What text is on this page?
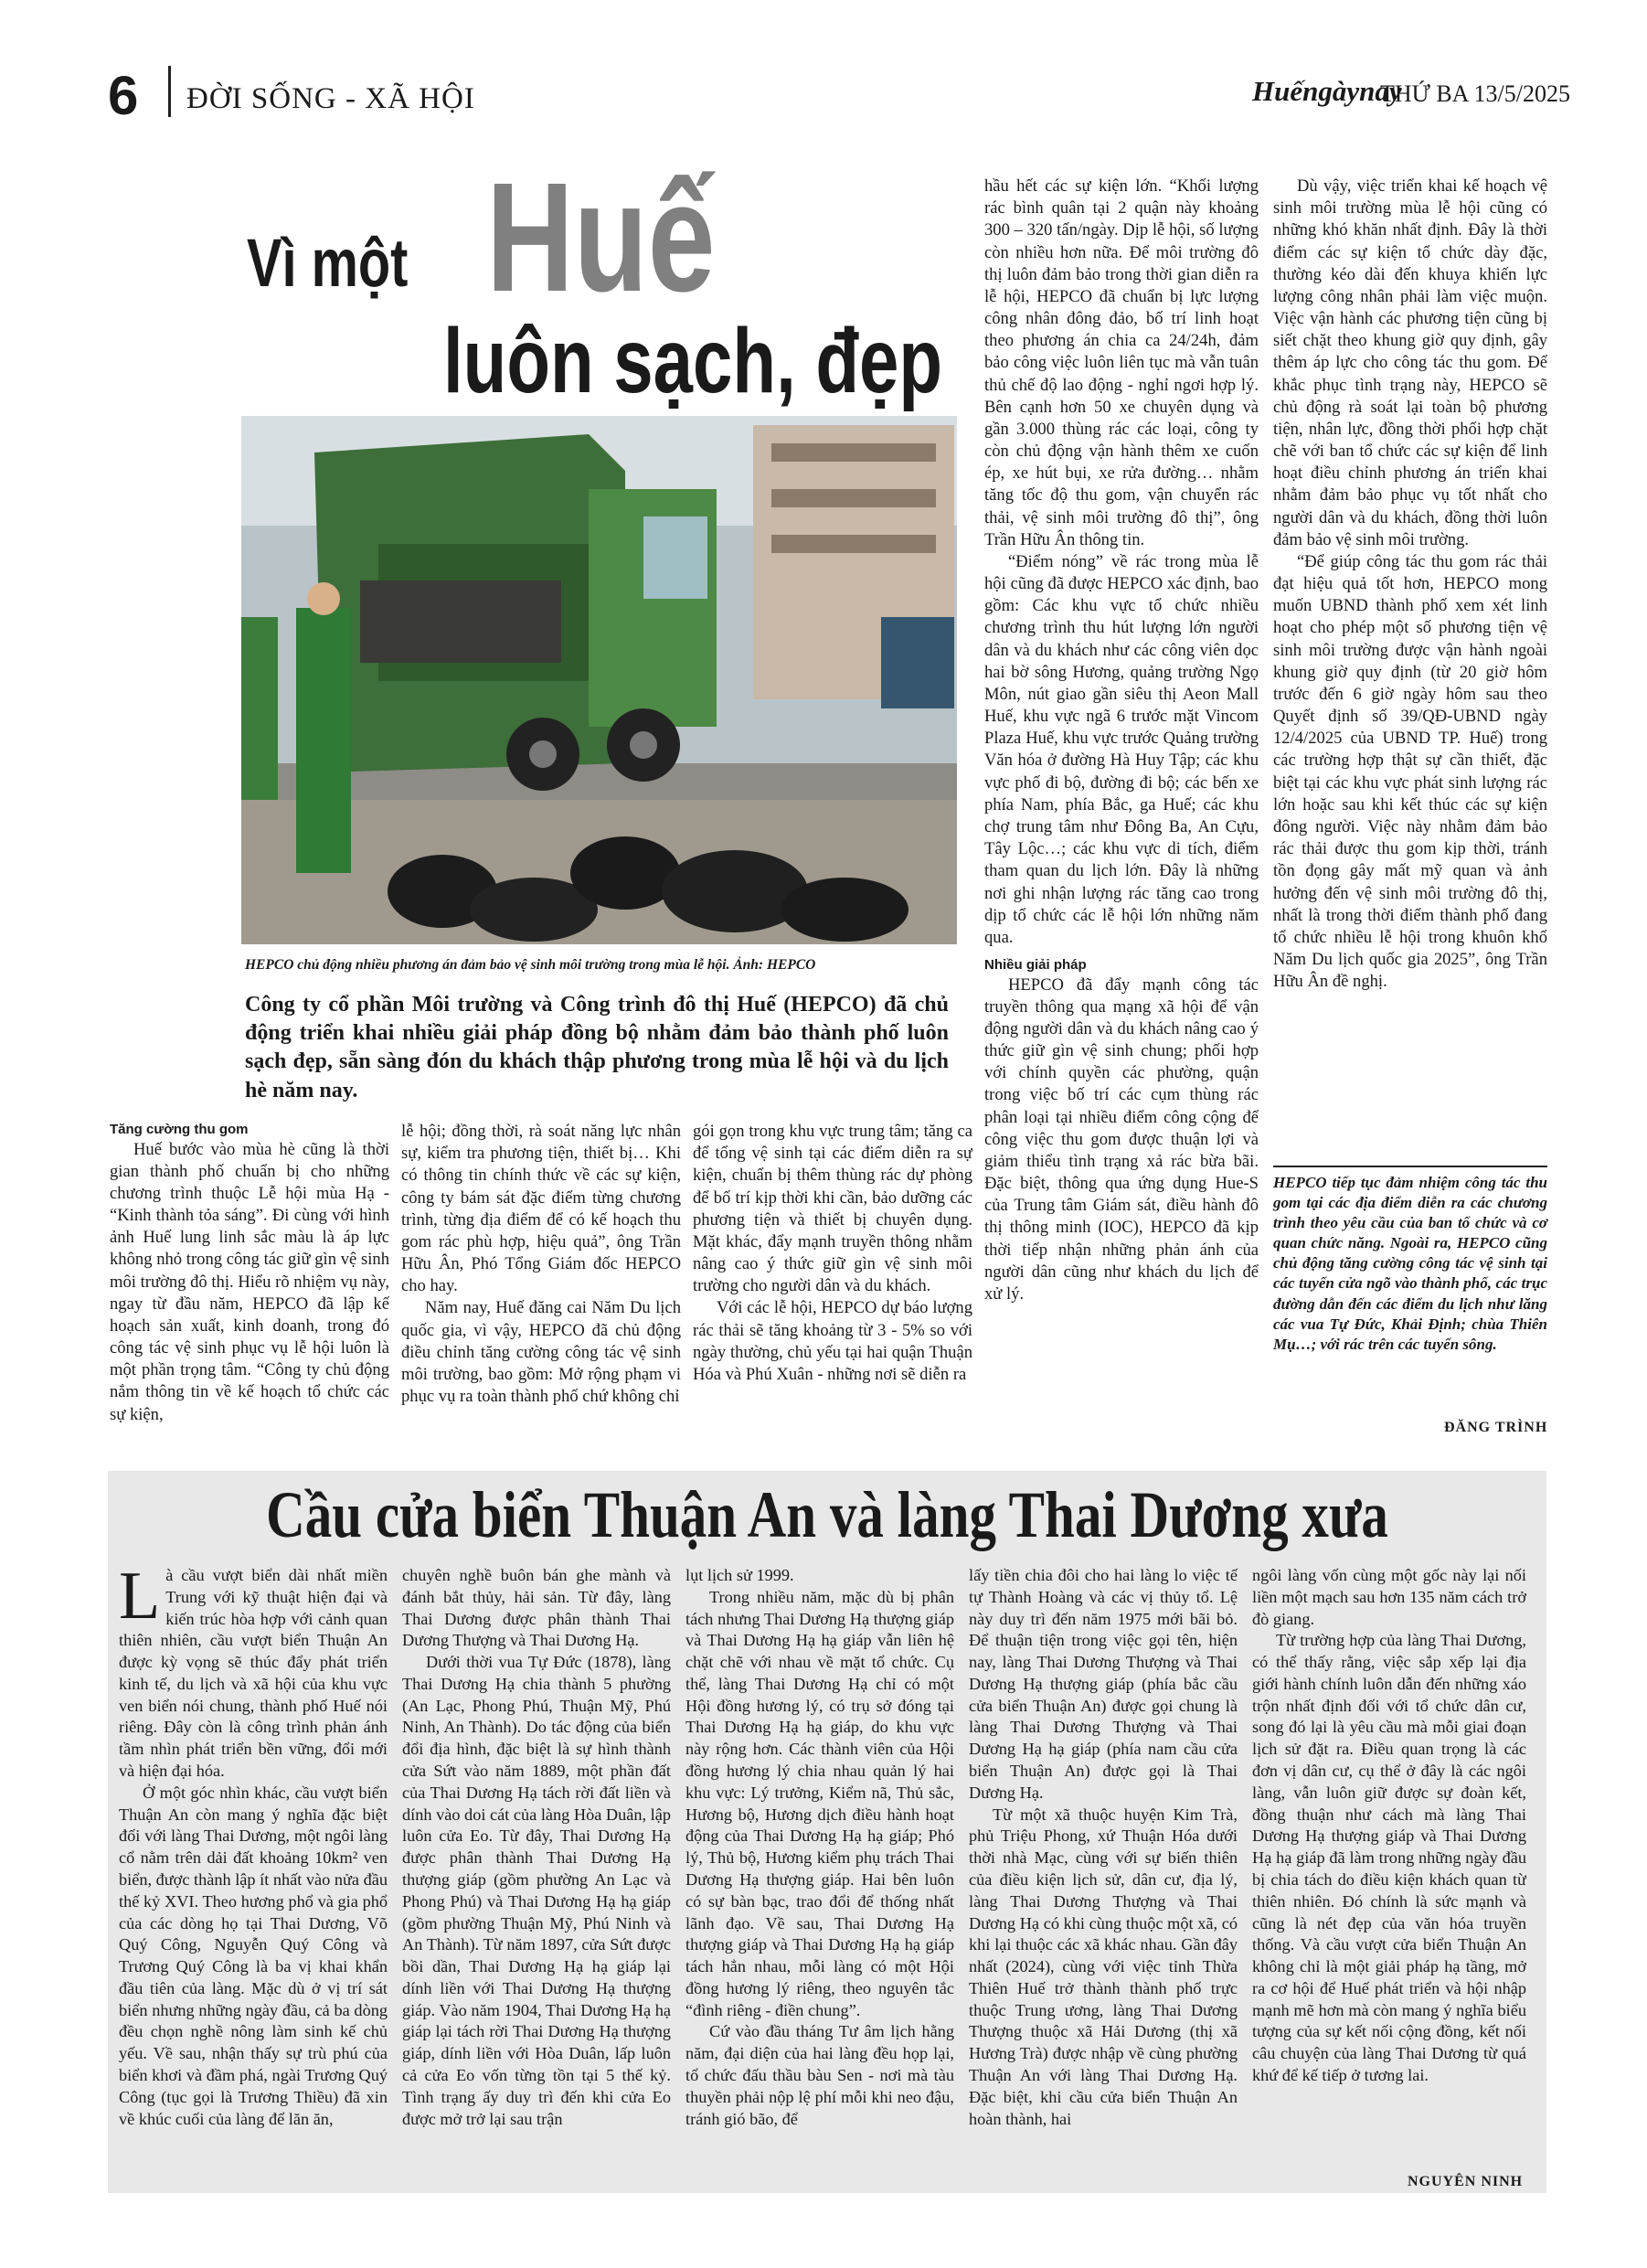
6 ĐỜI SỐNG - XÃ HỘI	Huếngàynay
THỨ BA 13/5/2025
Vì một Huế
luôn sạch, đẹp
HEPCO chủ động nhiều phương án đảm bảo vệ sinh môi trường trong mùa lễ hội. Ảnh: HEPCO
Công ty cổ phần Môi trường và Công trình đô thị Huế (HEPCO) đã chủ động triển khai nhiều giải pháp đồng bộ nhằm đảm bảo thành phố luôn sạch đẹp, sẵn sàng đón du khách thập phương trong mùa lễ hội và du lịch hè năm nay.

Tăng cường thu gom

Huế bước vào mùa hè cũng là thời gian thành phố chuẩn bị cho những chương trình thuộc Lễ hội mùa Hạ - “Kinh thành tỏa sáng”. Đi cùng với hình ảnh Huế lung linh sắc màu là áp lực không nhỏ trong công tác giữ gìn vệ sinh môi trường đô thị. Hiểu rõ nhiệm vụ này, ngay từ đầu năm, HEPCO đã lập kế hoạch sản xuất, kinh doanh, trong đó công tác vệ sinh phục vụ lễ hội luôn là một phần trọng tâm. “Công ty chủ động nắm thông tin về kế hoạch tổ chức các sự kiện,

lễ hội; đồng thời, rà soát năng lực nhân sự, kiểm tra phương tiện, thiết bị… Khi có thông tin chính thức về các sự kiện, công ty bám sát đặc điểm từng chương trình, từng địa điểm để có kế hoạch thu gom rác phù hợp, hiệu quả”, ông Trần Hữu Ân, Phó Tổng Giám đốc HEPCO cho hay.

Năm nay, Huế đăng cai Năm Du lịch quốc gia, vì vậy, HEPCO đã chủ động điều chỉnh tăng cường công tác vệ sinh môi trường, bao gồm: Mở rộng phạm vi phục vụ ra toàn thành phố chứ không chỉ

gói gọn trong khu vực trung tâm; tăng ca để tổng vệ sinh tại các điểm diễn ra sự kiện, chuẩn bị thêm thùng rác dự phòng để bố trí kịp thời khi cần, bảo dưỡng các phương tiện và thiết bị chuyên dụng. Mặt khác, đẩy mạnh truyền thông nhằm nâng cao ý thức giữ gìn vệ sinh môi trường cho người dân và du khách.

Với các lễ hội, HEPCO dự báo lượng rác thải sẽ tăng khoảng từ 3 - 5% so với ngày thường, chủ yếu tại hai quận Thuận Hóa và Phú Xuân - những nơi sẽ diễn ra

hầu hết các sự kiện lớn. “Khối lượng rác bình quân tại 2 quận này khoảng 300 – 320 tấn/ngày. Dịp lễ hội, số lượng còn nhiều hơn nữa. Để môi trường đô thị luôn đảm bảo trong thời gian diễn ra lễ hội, HEPCO đã chuẩn bị lực lượng công nhân đông đảo, bố trí linh hoạt theo phương án chia ca 24/24h, đảm bảo công việc luôn liên tục mà vẫn tuân thủ chế độ lao động - nghỉ ngơi hợp lý. Bên cạnh hơn 50 xe chuyên dụng và gần 3.000 thùng rác các loại, công ty còn chủ động vận hành thêm xe cuốn ép, xe hút bụi, xe rửa đường… nhằm tăng tốc độ thu gom, vận chuyển rác thải, vệ sinh môi trường đô thị”, ông Trần Hữu Ân thông tin.

“Điểm nóng” về rác trong mùa lễ hội cũng đã được HEPCO xác định, bao gồm: Các khu vực tổ chức nhiều chương trình thu hút lượng lớn người dân và du khách như các công viên dọc hai bờ sông Hương, quảng trường Ngọ Môn, nút giao gần siêu thị Aeon Mall Huế, khu vực ngã 6 trước mặt Vincom Plaza Huế, khu vực trước Quảng trường Văn hóa ở đường Hà Huy Tập; các khu vực phố đi bộ, đường đi bộ; các bến xe phía Nam, phía Bắc, ga Huế; các khu chợ trung tâm như Đông Ba, An Cựu, Tây Lộc…; các khu vực di tích, điểm tham quan du lịch lớn. Đây là những nơi ghi nhận lượng rác tăng cao trong dịp tổ chức các lễ hội lớn những năm qua.

Nhiều giải pháp

HEPCO đã đẩy mạnh công tác truyền thông qua mạng xã hội để vận động người dân và du khách nâng cao ý thức giữ gìn vệ sinh chung; phối hợp với chính quyền các phường, quận trong việc bố trí các cụm thùng rác phân loại tại nhiều điểm công cộng để công việc thu gom được thuận lợi và giảm thiểu tình trạng xả rác bừa bãi. Đặc biệt, thông qua ứng dụng Hue-S của Trung tâm Giám sát, điều hành đô thị thông minh (IOC), HEPCO đã kịp thời tiếp nhận những phản ánh của người dân cũng như khách du lịch để xử lý.

Dù vậy, việc triển khai kế hoạch vệ sinh môi trường mùa lễ hội cũng có những khó khăn nhất định. Đây là thời điểm các sự kiện tổ chức dày đặc, thường kéo dài đến khuya khiến lực lượng công nhân phải làm việc muộn. Việc vận hành các phương tiện cũng bị siết chặt theo khung giờ quy định, gây thêm áp lực cho công tác thu gom. Để khắc phục tình trạng này, HEPCO sẽ chủ động rà soát lại toàn bộ phương tiện, nhân lực, đồng thời phối hợp chặt chẽ với ban tổ chức các sự kiện để linh hoạt điều chỉnh phương án triển khai nhằm đảm bảo phục vụ tốt nhất cho người dân và du khách, đồng thời luôn đảm bảo vệ sinh môi trường.

“Để giúp công tác thu gom rác thải đạt hiệu quả tốt hơn, HEPCO mong muốn UBND thành phố xem xét linh hoạt cho phép một số phương tiện vệ sinh môi trường được vận hành ngoài khung giờ quy định (từ 20 giờ hôm trước đến 6 giờ ngày hôm sau theo Quyết định số 39/QĐ-UBND ngày 12/4/2025 của UBND TP. Huế) trong các trường hợp thật sự cần thiết, đặc biệt tại các khu vực phát sinh lượng rác lớn hoặc sau khi kết thúc các sự kiện đông người. Việc này nhằm đảm bảo rác thải được thu gom kịp thời, tránh tồn đọng gây mất mỹ quan và ảnh hưởng đến vệ sinh môi trường đô thị, nhất là trong thời điểm thành phố đang tổ chức nhiều lễ hội trong khuôn khổ Năm Du lịch quốc gia 2025”, ông Trần Hữu Ân đề nghị.

HEPCO tiếp tục đảm nhiệm công tác thu gom tại các địa điểm diễn ra các chương trình theo yêu cầu của ban tổ chức và cơ quan chức năng. Ngoài ra, HEPCO cũng chủ động tăng cường công tác vệ sinh tại các tuyến cửa ngõ vào thành phố, các trục đường dẫn đến các điểm du lịch như lăng các vua Tự Đức, Khải Định; chùa Thiên Mụ…; với rác trên các tuyến sông.
ĐĂNG TRÌNH
Cầu cửa biển Thuận An và làng Thai Dương xưa

Là cầu vượt biển dài nhất miền Trung với kỹ thuật hiện đại và kiến trúc hòa hợp với cảnh quan thiên nhiên, cầu vượt biển Thuận An được kỳ vọng sẽ thúc đẩy phát triển kinh tế, du lịch và xã hội của khu vực ven biển nói chung, thành phố Huế nói riêng. Đây còn là công trình phản ánh tầm nhìn phát triển bền vững, đổi mới và hiện đại hóa.

Ở một góc nhìn khác, cầu vượt biển Thuận An còn mang ý nghĩa đặc biệt đối với làng Thai Dương, một ngôi làng cổ nằm trên dải đất khoảng 10km² ven biển, được thành lập ít nhất vào nửa đầu thế kỷ XVI. Theo hương phổ và gia phổ của các dòng họ tại Thai Dương, Võ Quý Công, Nguyễn Quý Công và Trương Quý Công là ba vị khai khẩn đầu tiên của làng. Mặc dù ở vị trí sát biển nhưng những ngày đầu, cả ba dòng đều chọn nghề nông làm sinh kế chủ yếu. Về sau, nhận thấy sự trù phú của biển khơi và đầm phá, ngài Trương Quý Công (tục gọi là Trương Thiều) đã xin về khúc cuối của làng để lăn ăn,

chuyên nghề buôn bán ghe mành và đánh bắt thủy, hải sản. Từ đây, làng Thai Dương được phân thành Thai Dương Thượng và Thai Dương Hạ.

Dưới thời vua Tự Đức (1878), làng Thai Dương Hạ chia thành 5 phường (An Lạc, Phong Phú, Thuận Mỹ, Phú Ninh, An Thành). Do tác động của biển đổi địa hình, đặc biệt là sự hình thành cửa Sứt vào năm 1889, một phần đất của Thai Dương Hạ tách rời đất liền và dính vào doi cát của làng Hòa Duân, lập luôn cửa Eo. Từ đây, Thai Dương Hạ được phân thành Thai Dương Hạ thượng giáp (gồm phường An Lạc và Phong Phú) và Thai Dương Hạ hạ giáp (gồm phường Thuận Mỹ, Phú Ninh và An Thành). Từ năm 1897, cửa Sứt được bồi dần, Thai Dương Hạ hạ giáp lại dính liền với Thai Dương Hạ thượng giáp. Vào năm 1904, Thai Dương Hạ hạ giáp lại tách rời Thai Dương Hạ thượng giáp, dính liền với Hòa Duân, lấp luôn cả cửa Eo vốn từng tồn tại 5 thế kỷ. Tình trạng ấy duy trì đến khi cửa Eo được mở trở lại sau trận

lụt lịch sử 1999.

Trong nhiều năm, mặc dù bị phân tách nhưng Thai Dương Hạ thượng giáp và Thai Dương Hạ hạ giáp vẫn liên hệ chặt chẽ với nhau về mặt tổ chức. Cụ thể, làng Thai Dương Hạ chỉ có một Hội đồng hương lý, có trụ sở đóng tại Thai Dương Hạ hạ giáp, do khu vực này rộng hơn. Các thành viên của Hội đồng hương lý chia nhau quản lý hai khu vực: Lý trưởng, Kiểm nã, Thủ sắc, Hương bộ, Hương dịch điều hành hoạt động của Thai Dương Hạ hạ giáp; Phó lý, Thủ bộ, Hương kiểm phụ trách Thai Dương Hạ thượng giáp. Hai bên luôn có sự bàn bạc, trao đổi để thống nhất lãnh đạo. Về sau, Thai Dương Hạ thượng giáp và Thai Dương Hạ hạ giáp tách hẳn nhau, mỗi làng có một Hội đồng hương lý riêng, theo nguyên tắc “đình riêng - điền chung”.

Cứ vào đầu tháng Tư âm lịch hằng năm, đại diện của hai làng đều họp lại, tổ chức đấu thầu bàu Sen - nơi mà tàu thuyền phải nộp lệ phí mỗi khi neo đậu, tránh gió bão, để

lấy tiền chia đôi cho hai làng lo việc tế tự Thành Hoàng và các vị thủy tổ. Lệ này duy trì đến năm 1975 mới bãi bỏ. Để thuận tiện trong việc gọi tên, hiện nay, làng Thai Dương Thượng và Thai Dương Hạ thượng giáp (phía bắc cầu cửa biển Thuận An) được gọi chung là làng Thai Dương Thượng và Thai Dương Hạ hạ giáp (phía nam cầu cửa biển Thuận An) được gọi là Thai Dương Hạ.

Từ một xã thuộc huyện Kim Trà, phủ Triệu Phong, xứ Thuận Hóa dưới thời nhà Mạc, cùng với sự biến thiên của điều kiện lịch sử, dân cư, địa lý, làng Thai Dương Thượng và Thai Dương Hạ có khi cùng thuộc một xã, có khi lại thuộc các xã khác nhau. Gần đây nhất (2024), cùng với việc tỉnh Thừa Thiên Huế trở thành thành phố trực thuộc Trung ương, làng Thai Dương Thượng thuộc xã Hải Dương (thị xã Hương Trà) được nhập về cùng phường Thuận An với làng Thai Dương Hạ. Đặc biệt, khi cầu cửa biển Thuận An hoàn thành, hai

ngôi làng vốn cùng một gốc này lại nối liền một mạch sau hơn 135 năm cách trở đò giang.

Từ trường hợp của làng Thai Dương, có thể thấy rằng, việc sắp xếp lại địa giới hành chính luôn dẫn đến những xáo trộn nhất định đối với tổ chức dân cư, song đó lại là yêu cầu mà mỗi giai đoạn lịch sử đặt ra. Điều quan trọng là các đơn vị dân cư, cụ thể ở đây là các ngôi làng, vẫn luôn giữ được sự đoàn kết, đồng thuận như cách mà làng Thai Dương Hạ thượng giáp và Thai Dương Hạ hạ giáp đã làm trong những ngày đầu bị chia tách do điều kiện khách quan từ thiên nhiên. Đó chính là sức mạnh và cũng là nét đẹp của văn hóa truyền thống. Và cầu vượt cửa biển Thuận An không chỉ là một giải pháp hạ tầng, mở ra cơ hội để Huế phát triển và hội nhập mạnh mẽ hơn mà còn mang ý nghĩa biểu tượng của sự kết nối cộng đồng, kết nối câu chuyện của làng Thai Dương từ quá khứ để kế tiếp ở tương lai.

NGUYÊN NINH
